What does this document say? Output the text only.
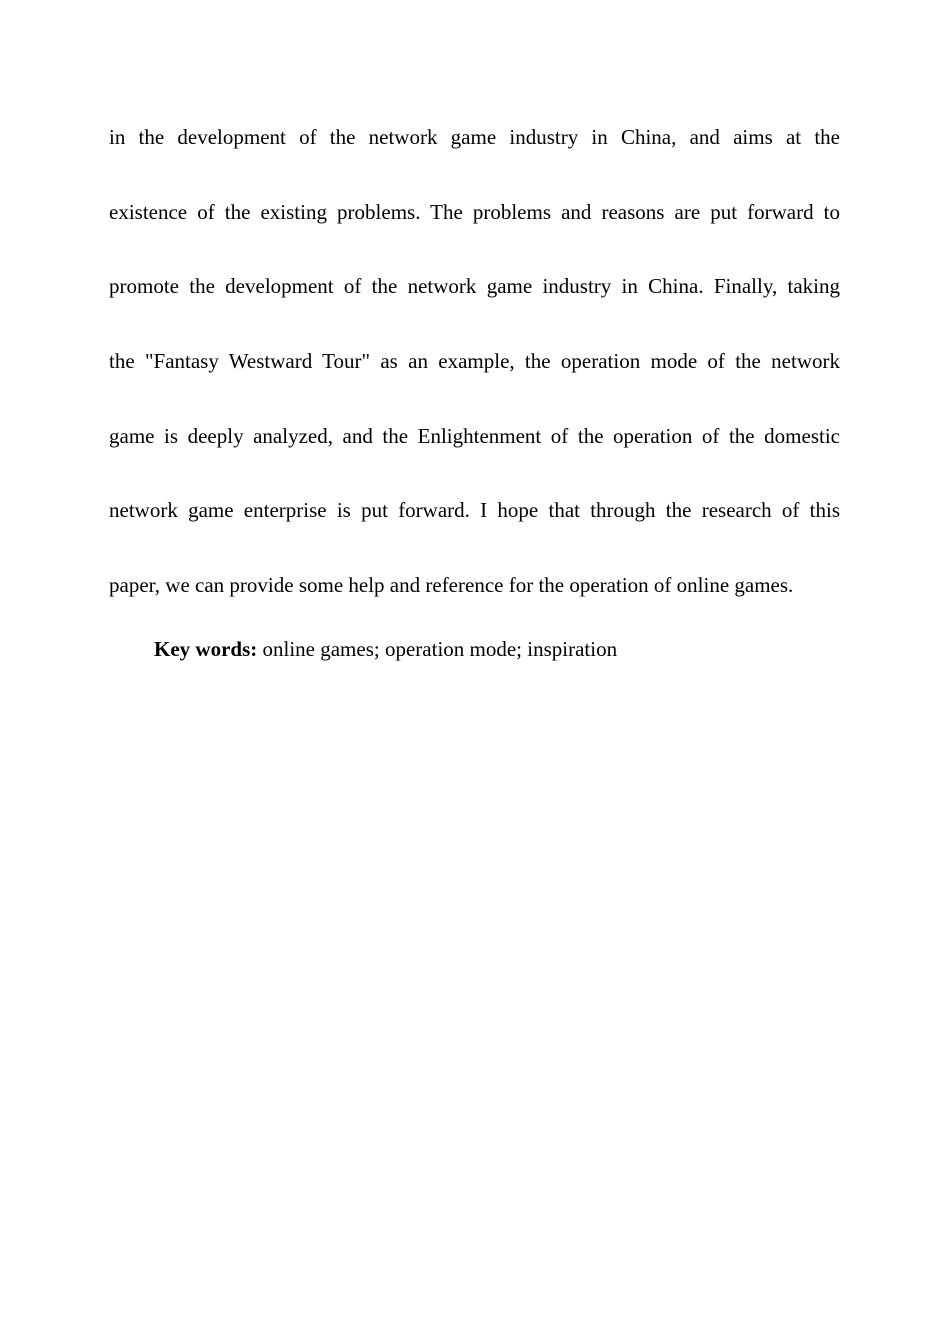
in the development of the network game industry in China, and aims at the
existence of the existing problems. The problems and reasons are put forward to
promote the development of the network game industry in China. Finally, taking
the "Fantasy Westward Tour" as an example, the operation mode of the network
game is deeply analyzed, and the Enlightenment of the operation of the domestic
network game enterprise is put forward. I hope that through the research of this
paper, we can provide some help and reference for the operation of online games.

Key words: online games; operation mode; inspiration
